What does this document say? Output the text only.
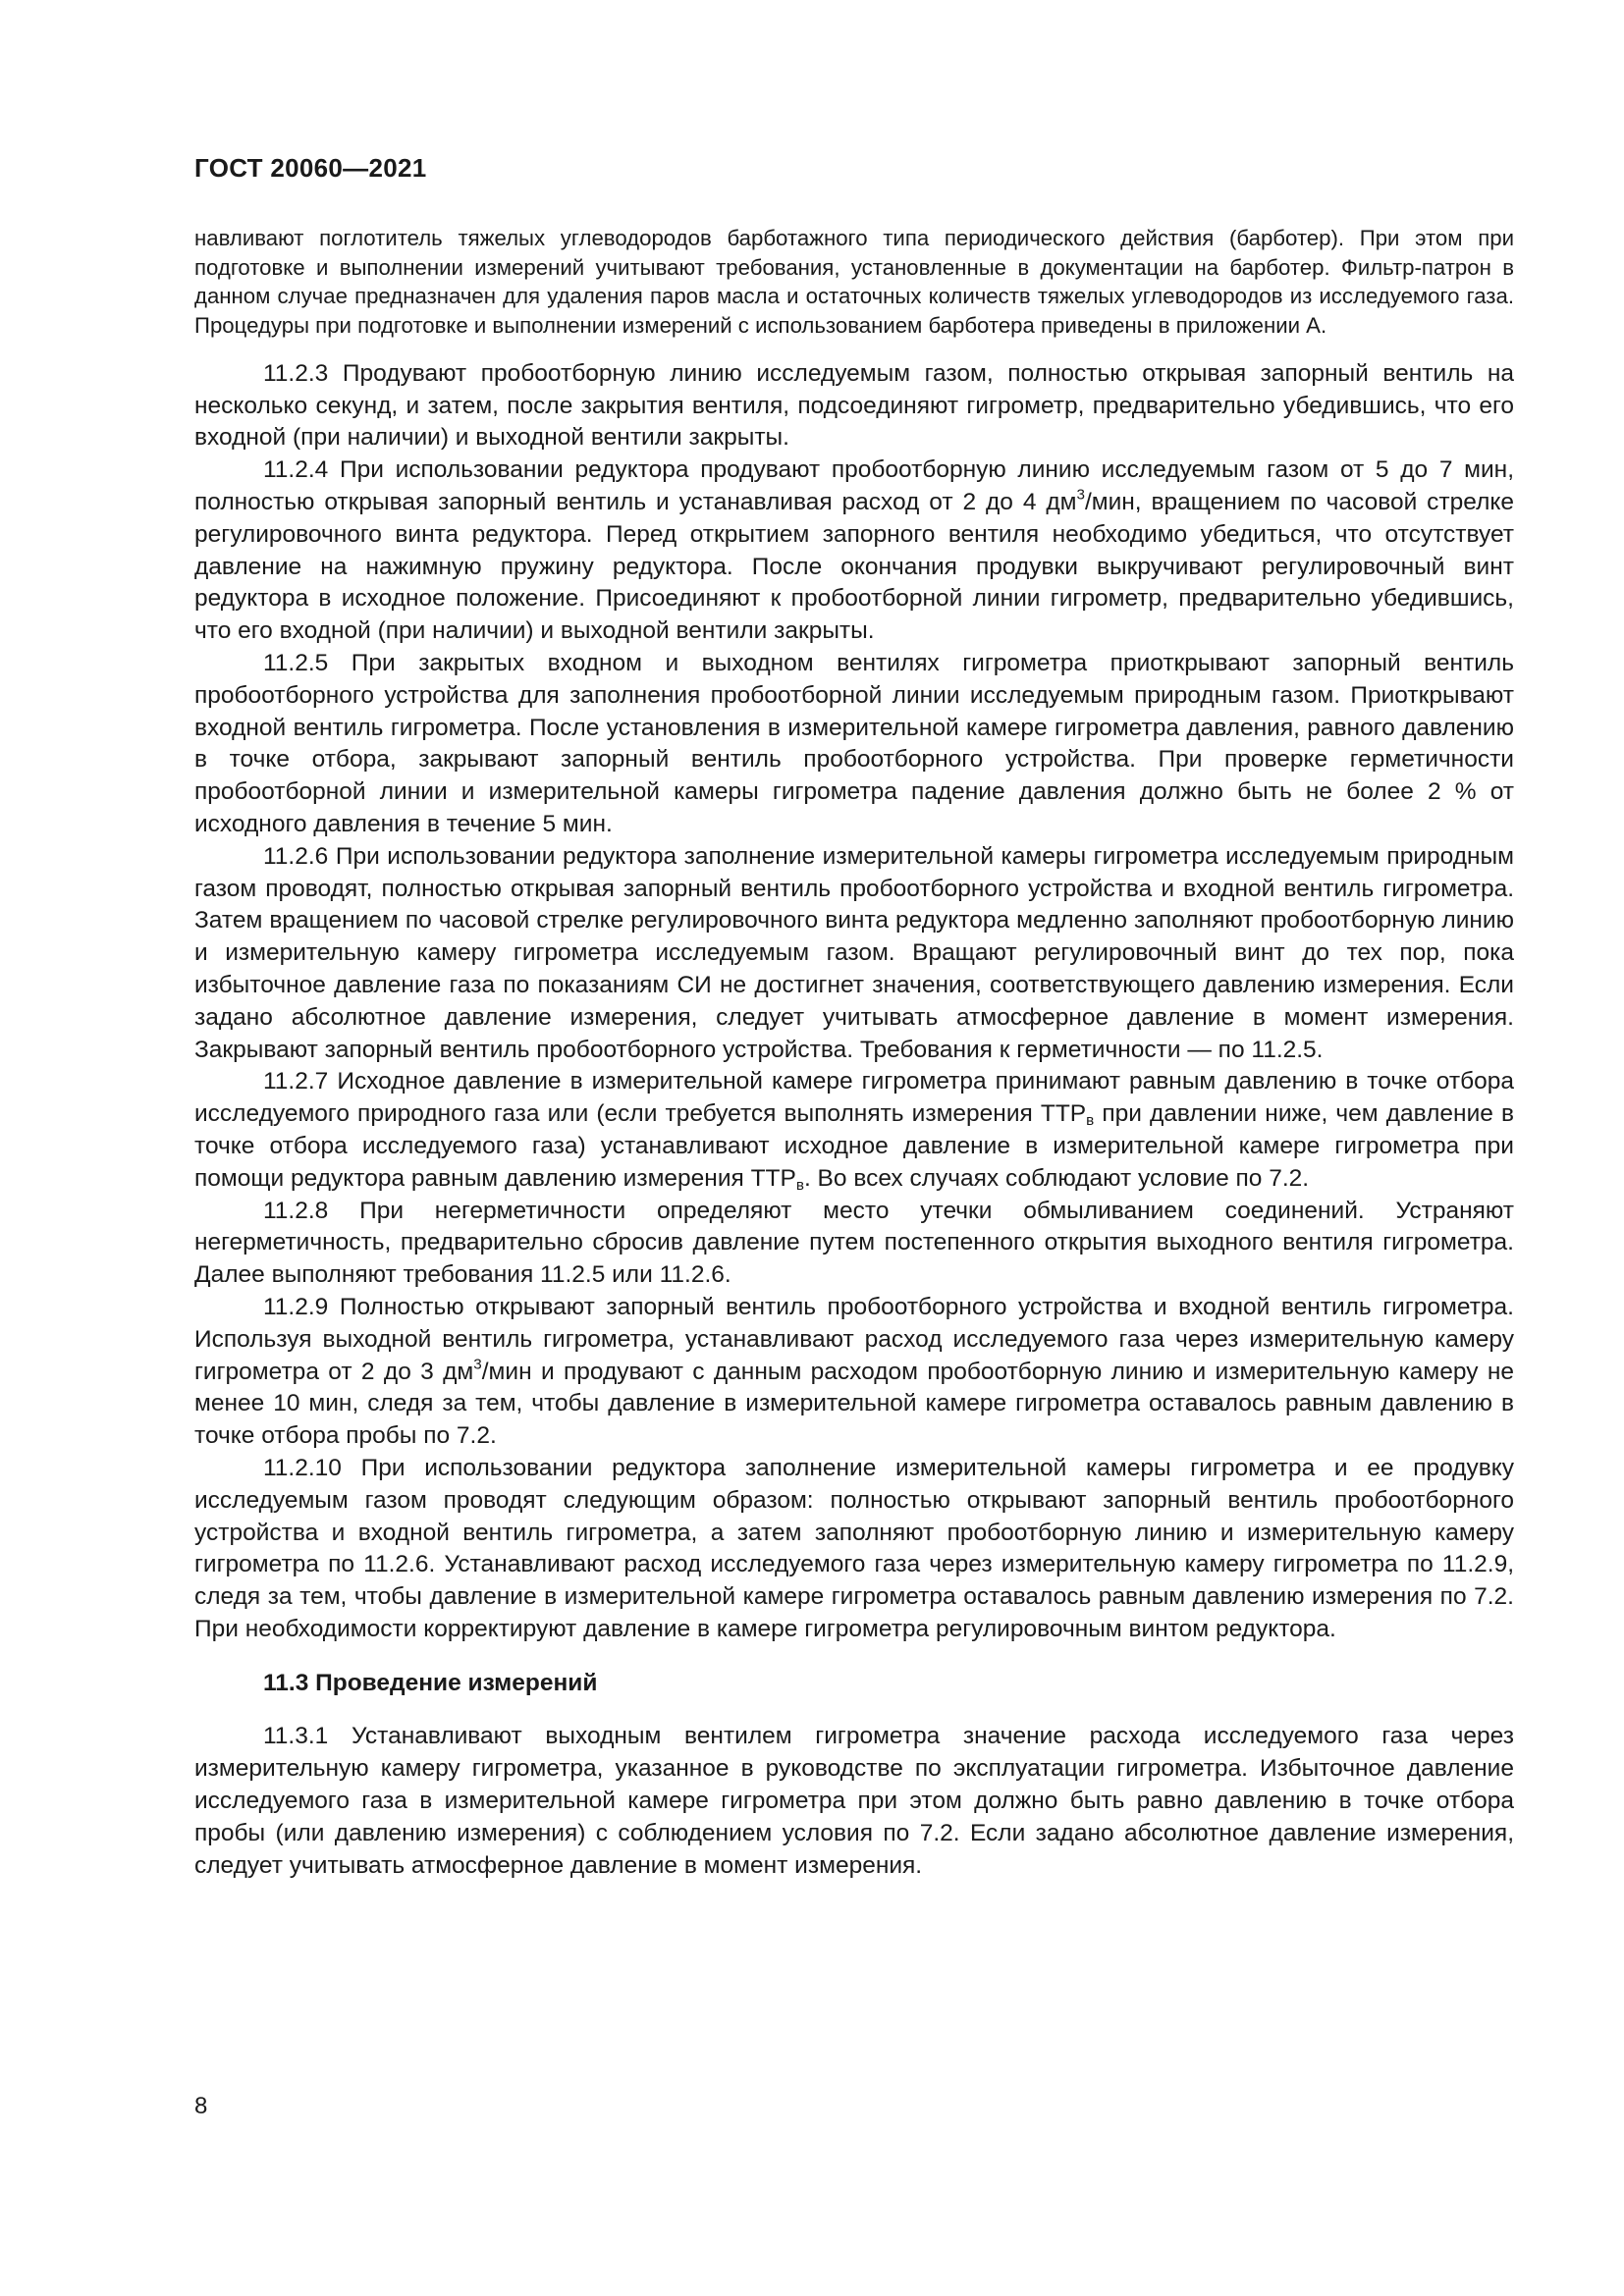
ГОСТ 20060—2021

навливают поглотитель тяжелых углеводородов барботажного типа периодического действия (барботер). При этом при подготовке и выполнении измерений учитывают требования, установленные в документации на барботер. Фильтр-патрон в данном случае предназначен для удаления паров масла и остаточных количеств тяжелых углеводородов из исследуемого газа. Процедуры при подготовке и выполнении измерений с использованием барботера приведены в приложении А.

11.2.3 Продувают пробоотборную линию исследуемым газом, полностью открывая запорный вентиль на несколько секунд, и затем, после закрытия вентиля, подсоединяют гигрометр, предварительно убедившись, что его входной (при наличии) и выходной вентили закрыты.

11.2.4 При использовании редуктора продувают пробоотборную линию исследуемым газом от 5 до 7 мин, полностью открывая запорный вентиль и устанавливая расход от 2 до 4 $дм^3$/мин, вращением по часовой стрелке регулировочного винта редуктора. Перед открытием запорного вентиля необходимо убедиться, что отсутствует давление на нажимную пружину редуктора. После окончания продувки выкручивают регулировочный винт редуктора в исходное положение. Присоединяют к пробоотборной линии гигрометр, предварительно убедившись, что его входной (при наличии) и выходной вентили закрыты.

11.2.5 При закрытых входном и выходном вентилях гигрометра приоткрывают запорный вентиль пробоотборного устройства для заполнения пробоотборной линии исследуемым природным газом. Приоткрывают входной вентиль гигрометра. После установления в измерительной камере гигрометра давления, равного давлению в точке отбора, закрывают запорный вентиль пробоотборного устройства. При проверке герметичности пробоотборной линии и измерительной камеры гигрометра падение давления должно быть не более 2 % от исходного давления в течение 5 мин.

11.2.6 При использовании редуктора заполнение измерительной камеры гигрометра исследуемым природным газом проводят, полностью открывая запорный вентиль пробоотборного устройства и входной вентиль гигрометра. Затем вращением по часовой стрелке регулировочного винта редуктора медленно заполняют пробоотборную линию и измерительную камеру гигрометра исследуемым газом. Вращают регулировочный винт до тех пор, пока избыточное давление газа по показаниям СИ не достигнет значения, соответствующего давлению измерения. Если задано абсолютное давление измерения, следует учитывать атмосферное давление в момент измерения. Закрывают запорный вентиль пробоотборного устройства. Требования к герметичности — по 11.2.5.

11.2.7 Исходное давление в измерительной камере гигрометра принимают равным давлению в точке отбора исследуемого природного газа или (если требуется выполнять измерения $ТТР_в$ при давлении ниже, чем давление в точке отбора исследуемого газа) устанавливают исходное давление в измерительной камере гигрометра при помощи редуктора равным давлению измерения $ТТР_в$. Во всех случаях соблюдают условие по 7.2.

11.2.8 При негерметичности определяют место утечки обмыливанием соединений. Устраняют негерметичность, предварительно сбросив давление путем постепенного открытия выходного вентиля гигрометра. Далее выполняют требования 11.2.5 или 11.2.6.

11.2.9 Полностью открывают запорный вентиль пробоотборного устройства и входной вентиль гигрометра. Используя выходной вентиль гигрометра, устанавливают расход исследуемого газа через измерительную камеру гигрометра от 2 до 3 $дм^3$/мин и продувают с данным расходом пробоотборную линию и измерительную камеру не менее 10 мин, следя за тем, чтобы давление в измерительной камере гигрометра оставалось равным давлению в точке отбора пробы по 7.2.

11.2.10 При использовании редуктора заполнение измерительной камеры гигрометра и ее продувку исследуемым газом проводят следующим образом: полностью открывают запорный вентиль пробоотборного устройства и входной вентиль гигрометра, а затем заполняют пробоотборную линию и измерительную камеру гигрометра по 11.2.6. Устанавливают расход исследуемого газа через измерительную камеру гигрометра по 11.2.9, следя за тем, чтобы давление в измерительной камере гигрометра оставалось равным давлению измерения по 7.2. При необходимости корректируют давление в камере гигрометра регулировочным винтом редуктора.

11.3 Проведение измерений

11.3.1 Устанавливают выходным вентилем гигрометра значение расхода исследуемого газа через измерительную камеру гигрометра, указанное в руководстве по эксплуатации гигрометра. Избыточное давление исследуемого газа в измерительной камере гигрометра при этом должно быть равно давлению в точке отбора пробы (или давлению измерения) с соблюдением условия по 7.2. Если задано абсолютное давление измерения, следует учитывать атмосферное давление в момент измерения.

8
